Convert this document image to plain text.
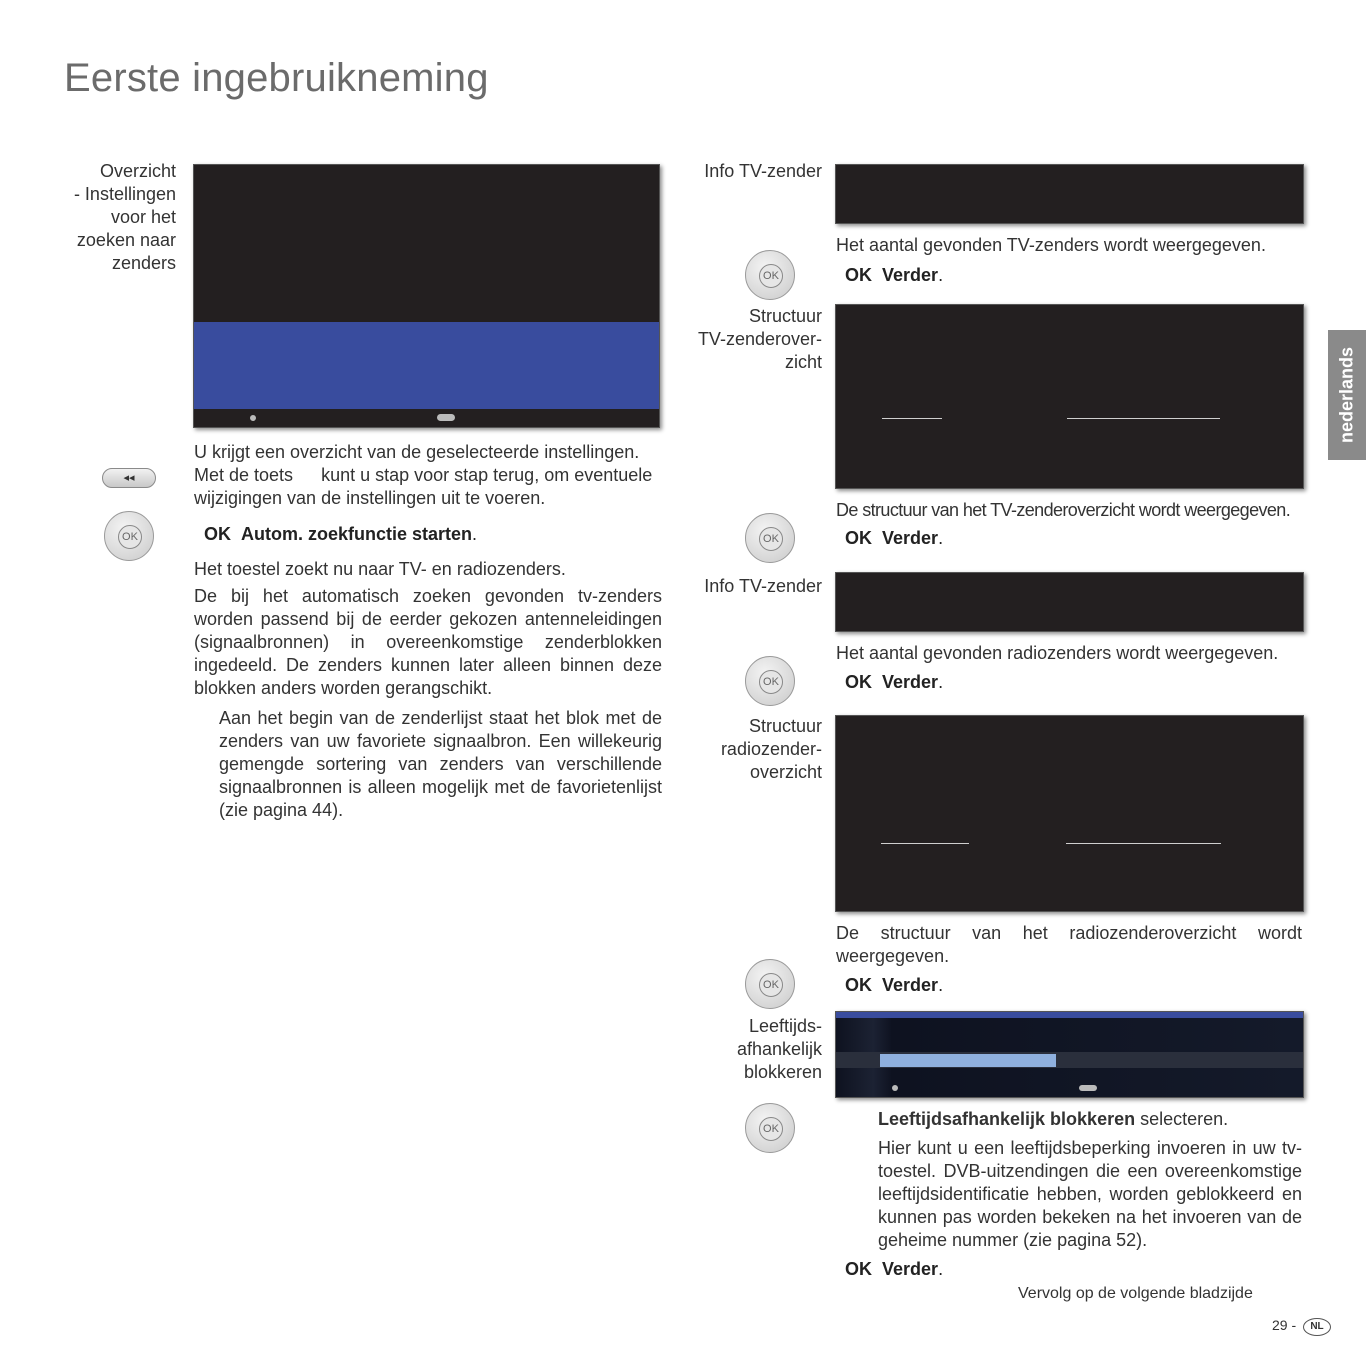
Eerste ingebruikneming
nederlands
Overzicht
- Instellingen
voor het
zoeken naar
zenders
◂◂
U krijgt een overzicht van de geselecteerde instellingen.
Met de toets kunt u stap voor stap terug, om eventuele
wijzigingen van de instellingen uit te voeren.
OK	OK Autom. zoekfunctie starten.
Het toestel zoekt nu naar TV- en radiozenders.
De bij het automatisch zoeken gevonden tv-zenders worden passend bij de eerder gekozen antenneleidingen (signaalbronnen) in overeenkomstige zenderblokken ingedeeld. De zenders kunnen later alleen binnen deze blokken anders worden gerangschikt.
Aan het begin van de zenderlijst staat het blok met de zenders van uw favoriete signaalbron. Een willekeurig gemengde sortering van zenders van verschillende signaalbronnen is alleen mogelijk met de favorietenlijst (zie pagina 44).
Info TV-zender
Het aantal gevonden TV-zenders wordt weergegeven.
OK	OK Verder.
Structuur
TV-zenderover-
zicht
De structuur van het TV-zenderoverzicht wordt weergegeven.
OK	OK Verder.
Info TV-zender
Het aantal gevonden radiozenders wordt weergegeven.
OK	OK Verder.
Structuur
radiozender-
overzicht
De structuur van het radiozenderoverzicht wordt weergegeven.
OK	OK Verder.
Leeftijds-
afhankelijk
blokkeren
OK	Leeftijdsafhankelijk blokkeren selecteren.
Hier kunt u een leeftijdsbeperking invoeren in uw tv-toestel. DVB-uitzendingen die een overeenkomstige leeftijdsidentificatie hebben, worden geblokkeerd en kunnen pas worden bekeken na het invoeren van de geheime nummer (zie pagina 52).
OK Verder.
Vervolg op de volgende bladzijde
29 -	NL
